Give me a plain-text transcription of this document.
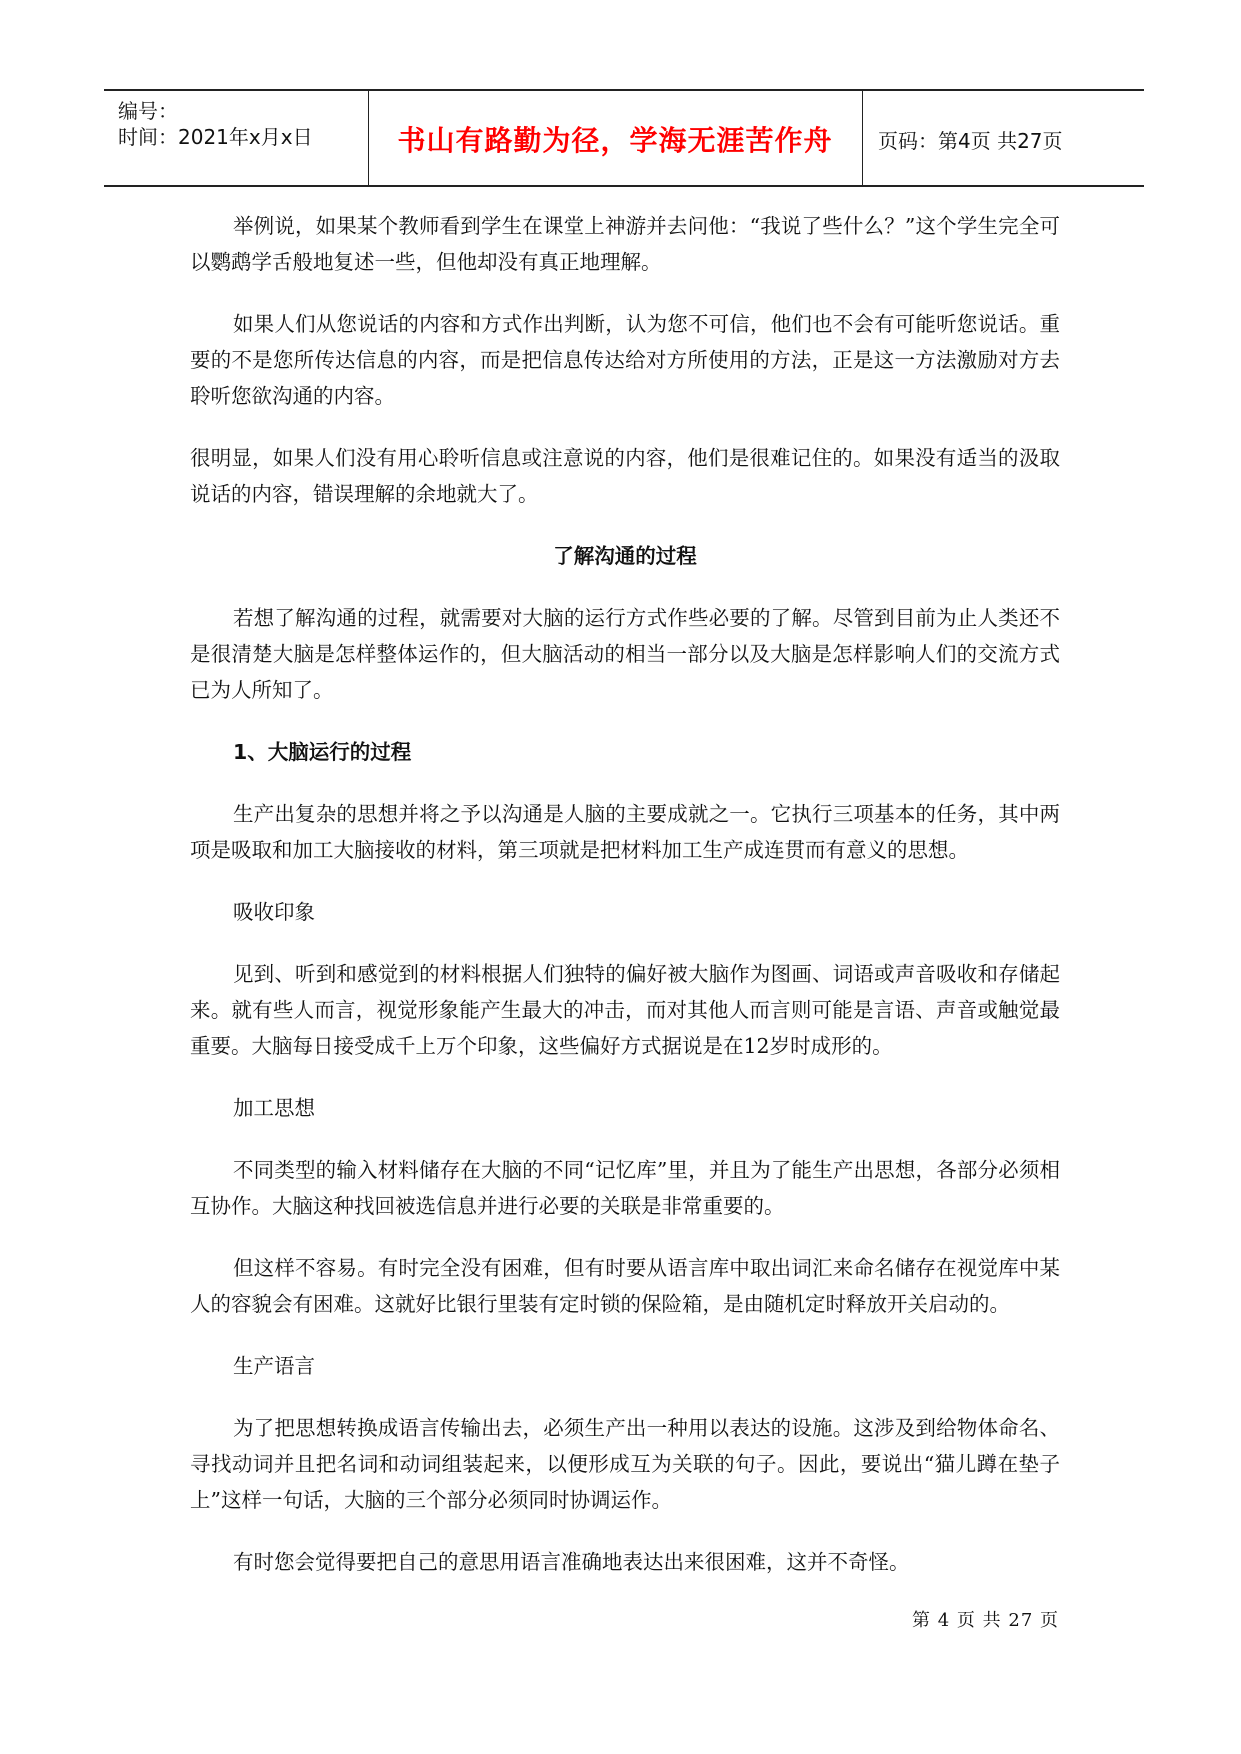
编号：
时间：2021年x月x日	书山有路勤为径，学海无涯苦作舟	页码：第4页 共27页

举例说，如果某个教师看到学生在课堂上神游并去问他：“我说了些什么？”这个学生完全可以鹦鹉学舌般地复述一些，但他却没有真正地理解。

如果人们从您说话的内容和方式作出判断，认为您不可信，他们也不会有可能听您说话。重要的不是您所传达信息的内容，而是把信息传达给对方所使用的方法，正是这一方法激励对方去聆听您欲沟通的内容。

很明显，如果人们没有用心聆听信息或注意说的内容，他们是很难记住的。如果没有适当的汲取说话的内容，错误理解的余地就大了。

了解沟通的过程

若想了解沟通的过程，就需要对大脑的运行方式作些必要的了解。尽管到目前为止人类还不是很清楚大脑是怎样整体运作的，但大脑活动的相当一部分以及大脑是怎样影响人们的交流方式已为人所知了。

1、大脑运行的过程

生产出复杂的思想并将之予以沟通是人脑的主要成就之一。它执行三项基本的任务，其中两项是吸取和加工大脑接收的材料，第三项就是把材料加工生产成连贯而有意义的思想。

吸收印象

见到、听到和感觉到的材料根据人们独特的偏好被大脑作为图画、词语或声音吸收和存储起来。就有些人而言，视觉形象能产生最大的冲击，而对其他人而言则可能是言语、声音或触觉最重要。大脑每日接受成千上万个印象，这些偏好方式据说是在12岁时成形的。

加工思想

不同类型的输入材料储存在大脑的不同“记忆库”里，并且为了能生产出思想，各部分必须相互协作。大脑这种找回被选信息并进行必要的关联是非常重要的。

但这样不容易。有时完全没有困难，但有时要从语言库中取出词汇来命名储存在视觉库中某人的容貌会有困难。这就好比银行里装有定时锁的保险箱，是由随机定时释放开关启动的。

生产语言

为了把思想转换成语言传输出去，必须生产出一种用以表达的设施。这涉及到给物体命名、寻找动词并且把名词和动词组装起来，以便形成互为关联的句子。因此，要说出“猫儿蹲在垫子上”这样一句话，大脑的三个部分必须同时协调运作。

有时您会觉得要把自己的意思用语言准确地表达出来很困难，这并不奇怪。

第 4 页 共 27 页
